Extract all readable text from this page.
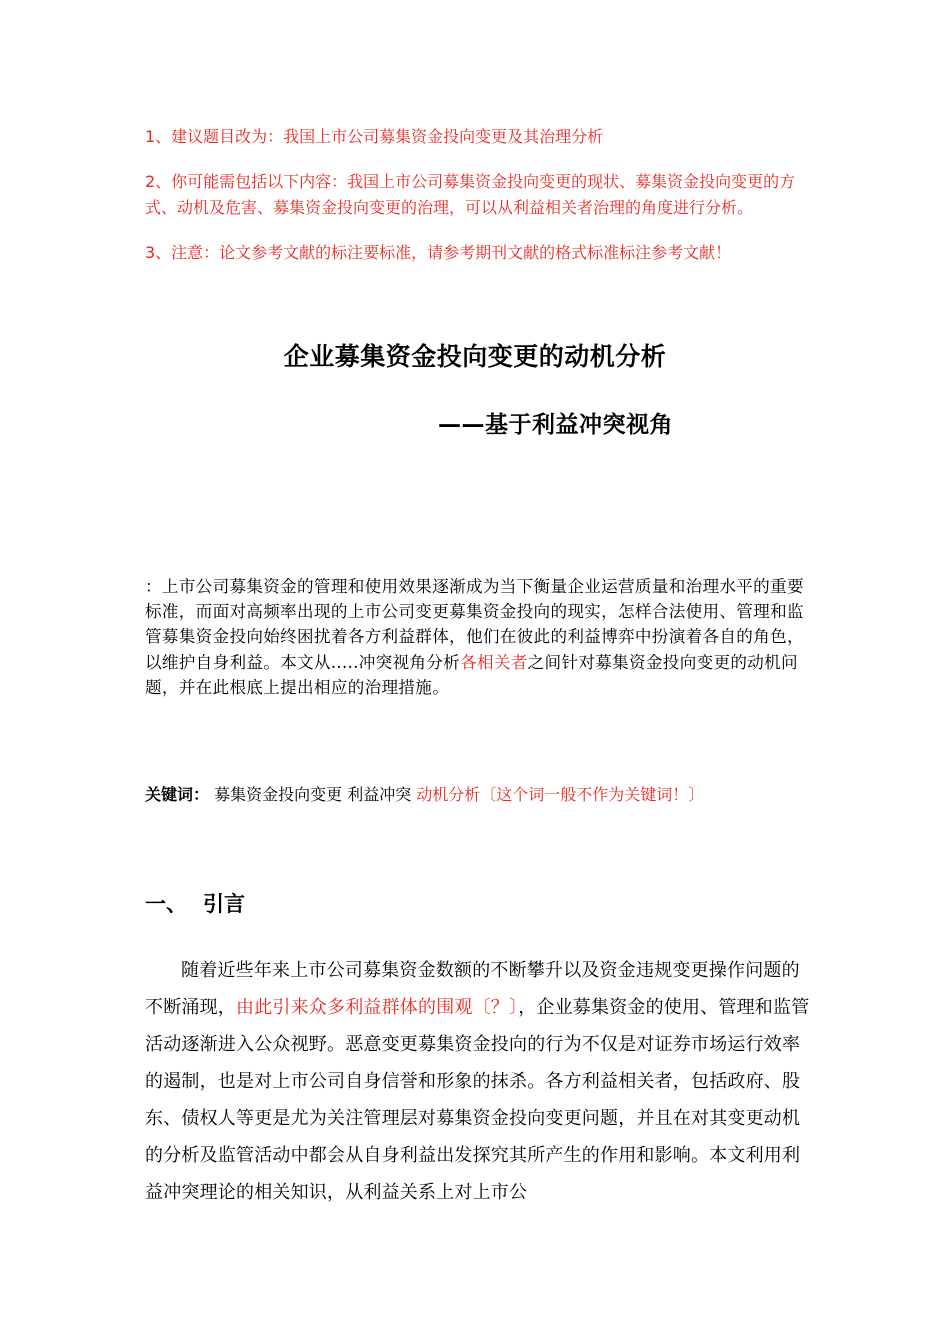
1、建议题目改为：我国上市公司募集资金投向变更及其治理分析
2、你可能需包括以下内容：我国上市公司募集资金投向变更的现状、募集资金投向变更的方式、动机及危害、募集资金投向变更的治理，可以从利益相关者治理的角度进行分析。
3、注意：论文参考文献的标注要标准，请参考期刊文献的格式标准标注参考文献！
企业募集资金投向变更的动机分析
——基于利益冲突视角
：上市公司募集资金的管理和使用效果逐渐成为当下衡量企业运营质量和治理水平的重要标准，而面对高频率出现的上市公司变更募集资金投向的现实，怎样合法使用、管理和监管募集资金投向始终困扰着各方利益群体，他们在彼此的利益博弈中扮演着各自的角色，以维护自身利益。本文从.....冲突视角分析各相关者之间针对募集资金投向变更的动机问题，并在此根底上提出相应的治理措施。
关键词： 募集资金投向变更 利益冲突 动机分析〔这个词一般不作为关键词！〕
一、 引言
随着近些年来上市公司募集资金数额的不断攀升以及资金违规变更操作问题的不断涌现，由此引来众多利益群体的围观〔？〕，企业募集资金的使用、管理和监管活动逐渐进入公众视野。恶意变更募集资金投向的行为不仅是对证券市场运行效率的遏制，也是对上市公司自身信誉和形象的抹杀。各方利益相关者，包括政府、股东、债权人等更是尤为关注管理层对募集资金投向变更问题，并且在对其变更动机的分析及监管活动中都会从自身利益出发探究其所产生的作用和影响。本文利用利益冲突理论的相关知识，从利益关系上对上市公
